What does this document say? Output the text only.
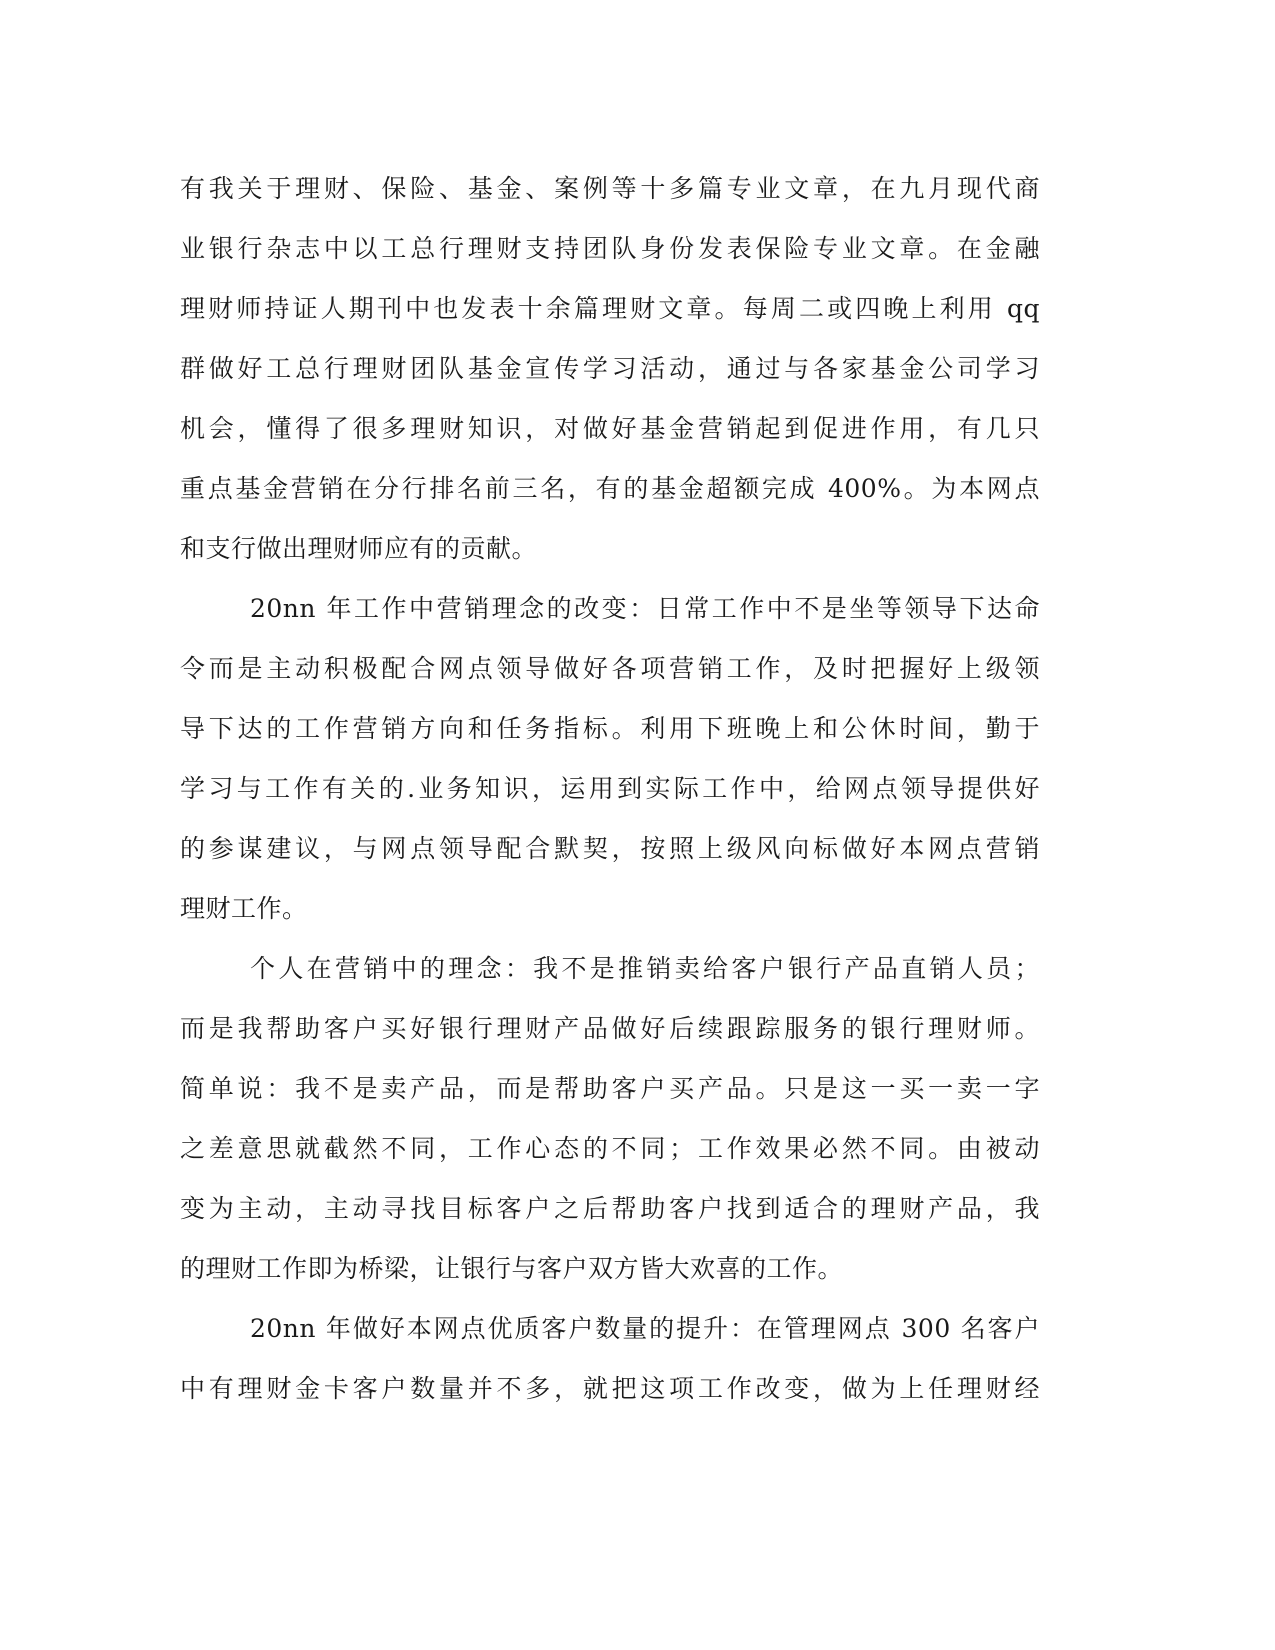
有我关于理财、保险、基金、案例等十多篇专业文章，在九月现代商
业银行杂志中以工总行理财支持团队身份发表保险专业文章。在金融
理财师持证人期刊中也发表十余篇理财文章。每周二或四晚上利用 qq
群做好工总行理财团队基金宣传学习活动，通过与各家基金公司学习
机会，懂得了很多理财知识，对做好基金营销起到促进作用，有几只
重点基金营销在分行排名前三名，有的基金超额完成 400%。为本网点
和支行做出理财师应有的贡献。
20nn 年工作中营销理念的改变：日常工作中不是坐等领导下达命
令而是主动积极配合网点领导做好各项营销工作，及时把握好上级领
导下达的工作营销方向和任务指标。利用下班晚上和公休时间，勤于
学习与工作有关的.业务知识，运用到实际工作中，给网点领导提供好
的参谋建议，与网点领导配合默契，按照上级风向标做好本网点营销
理财工作。
个人在营销中的理念：我不是推销卖给客户银行产品直销人员；
而是我帮助客户买好银行理财产品做好后续跟踪服务的银行理财师。
简单说：我不是卖产品，而是帮助客户买产品。只是这一买一卖一字
之差意思就截然不同，工作心态的不同；工作效果必然不同。由被动
变为主动，主动寻找目标客户之后帮助客户找到适合的理财产品，我
的理财工作即为桥梁，让银行与客户双方皆大欢喜的工作。
20nn 年做好本网点优质客户数量的提升：在管理网点 300 名客户
中有理财金卡客户数量并不多，就把这项工作改变，做为上任理财经
